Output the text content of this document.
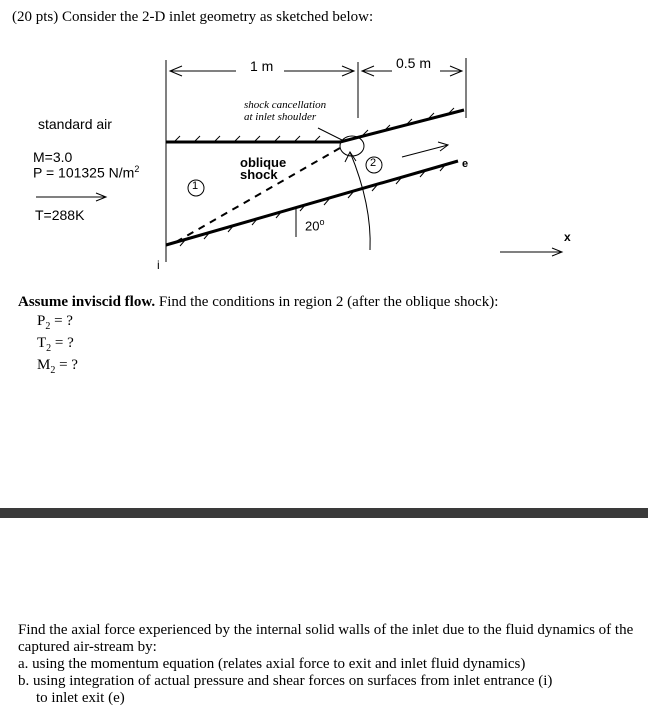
(20 pts) Consider the 2-D inlet geometry as sketched below:
1 m	0.5 m
shock cancellation
at inlet shoulder
standard air
M=3.0
P = 101325 $N/m^2$
T=288K
oblique
shock
1
2
20$^o$
e
i
x
Assume inviscid flow. Find the conditions in region 2 (after the oblique shock):
$P_2$ = ?
$T_2$ = ?
$M_2$ = ?
Find the axial force experienced by the internal solid walls of the inlet due to the fluid dynamics of the captured air-stream by:
a. using the momentum equation (relates axial force to exit and inlet fluid dynamics)
b. using integration of actual pressure and shear forces on surfaces from inlet entrance (i)
to inlet exit (e)
